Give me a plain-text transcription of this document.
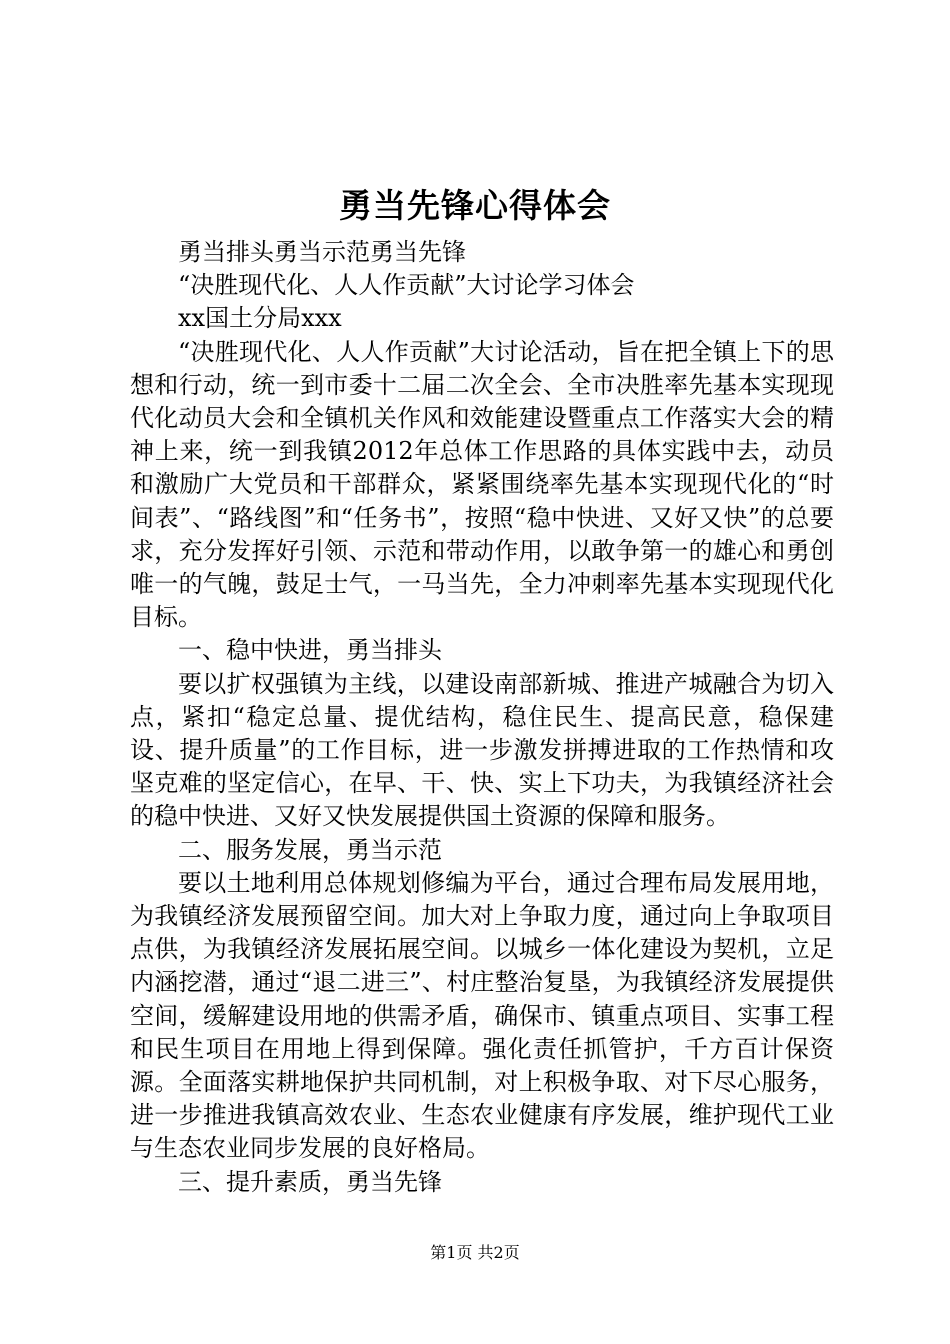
勇当先锋心得体会

勇当排头勇当示范勇当先锋

“决胜现代化、人人作贡献”大讨论学习体会

xx国土分局xxx

“决胜现代化、人人作贡献”大讨论活动，旨在把全镇上下的思想和行动，统一到市委十二届二次全会、全市决胜率先基本实现现代化动员大会和全镇机关作风和效能建设暨重点工作落实大会的精神上来，统一到我镇2012年总体工作思路的具体实践中去，动员和激励广大党员和干部群众，紧紧围绕率先基本实现现代化的“时间表”、“路线图”和“任务书”，按照“稳中快进、又好又快”的总要求，充分发挥好引领、示范和带动作用，以敢争第一的雄心和勇创唯一的气魄，鼓足士气，一马当先，全力冲刺率先基本实现现代化目标。

一、稳中快进，勇当排头

要以扩权强镇为主线，以建设南部新城、推进产城融合为切入点，紧扣“稳定总量、提优结构，稳住民生、提高民意，稳保建设、提升质量”的工作目标，进一步激发拼搏进取的工作热情和攻坚克难的坚定信心，在早、干、快、实上下功夫，为我镇经济社会的稳中快进、又好又快发展提供国土资源的保障和服务。

二、服务发展，勇当示范

要以土地利用总体规划修编为平台，通过合理布局发展用地，为我镇经济发展预留空间。加大对上争取力度，通过向上争取项目点供，为我镇经济发展拓展空间。以城乡一体化建设为契机，立足内涵挖潜，通过“退二进三”、村庄整治复垦，为我镇经济发展提供空间，缓解建设用地的供需矛盾，确保市、镇重点项目、实事工程和民生项目在用地上得到保障。强化责任抓管护，千方百计保资源。全面落实耕地保护共同机制，对上积极争取、对下尽心服务，进一步推进我镇高效农业、生态农业健康有序发展，维护现代工业与生态农业同步发展的良好格局。

三、提升素质，勇当先锋

第1页 共2页
